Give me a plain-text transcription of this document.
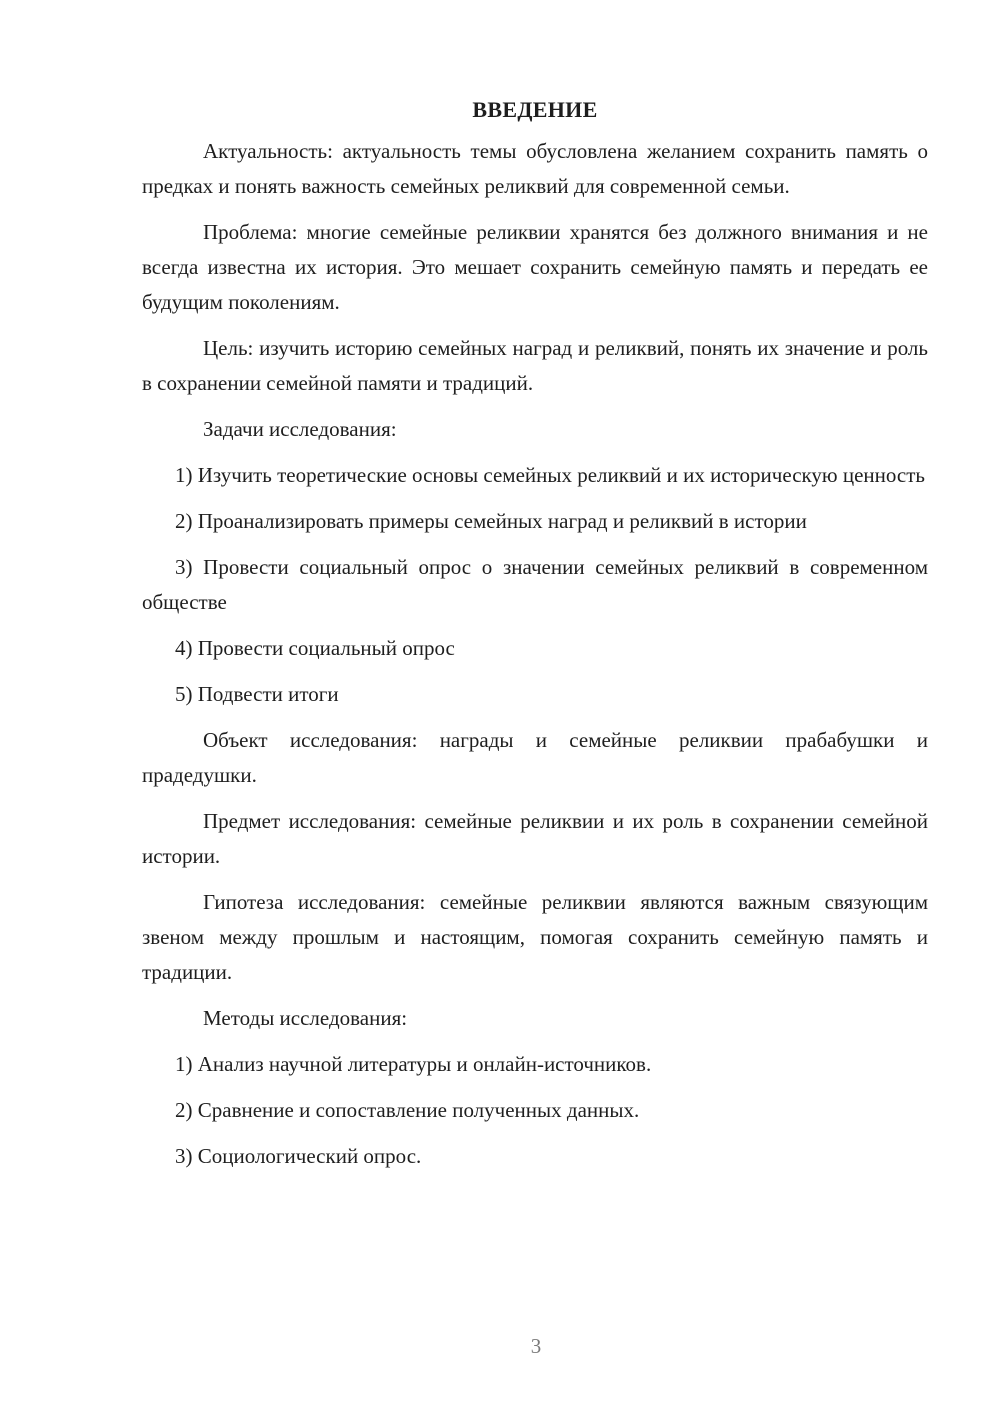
ВВЕДЕНИЕ

Актуальность: актуальность темы обусловлена желанием сохранить память о предках и понять важность семейных реликвий для современной семьи.

Проблема: многие семейные реликвии хранятся без должного внимания и не всегда известна их история. Это мешает сохранить семейную память и передать ее будущим поколениям.

Цель: изучить историю семейных наград и реликвий, понять их значение и роль в сохранении семейной памяти и традиций.

Задачи исследования:

1) Изучить теоретические основы семейных реликвий и их историческую ценность

2) Проанализировать примеры семейных наград и реликвий в истории

3) Провести социальный опрос о значении семейных реликвий в современном обществе

4) Провести социальный опрос

5) Подвести итоги

Объект исследования: награды и семейные реликвии прабабушки и прадедушки.

Предмет исследования: семейные реликвии и их роль в сохранении семейной истории.

Гипотеза исследования: семейные реликвии являются важным связующим звеном между прошлым и настоящим, помогая сохранить семейную память и традиции.

Методы исследования:

1) Анализ научной литературы и онлайн-источников.

2) Сравнение и сопоставление полученных данных.

3) Социологический опрос.

3
